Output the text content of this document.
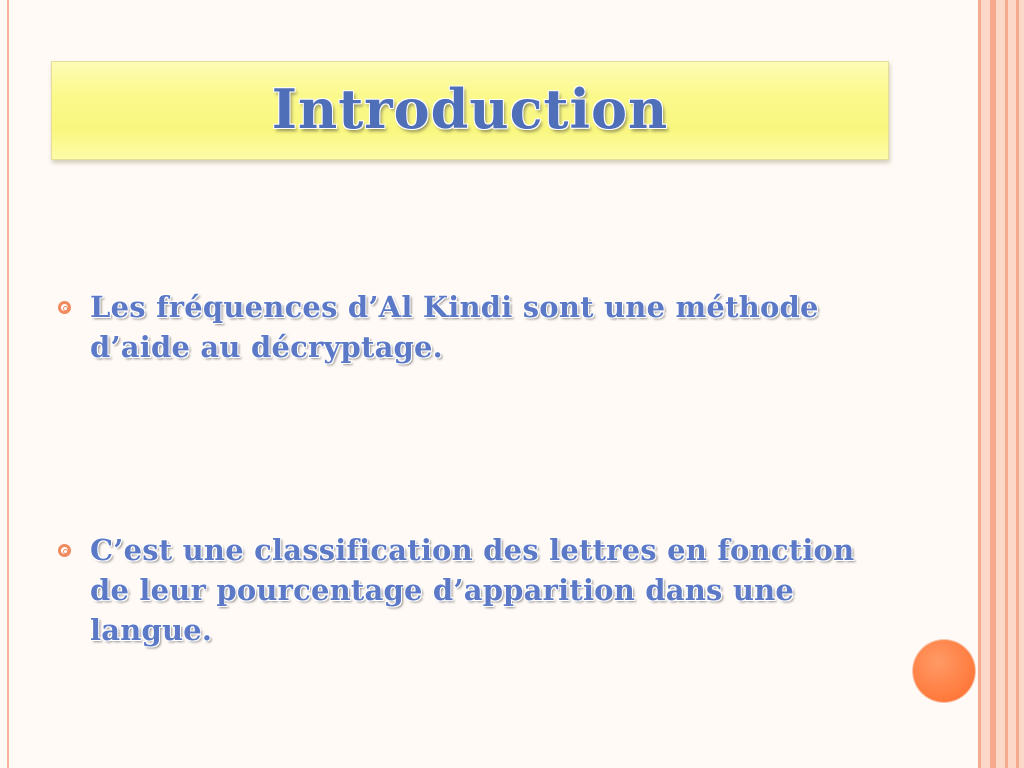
Introduction
Les fréquences d’Al Kindi sont une méthode d’aide au décryptage.
C’est une classification des lettres en fonction de leur pourcentage d’apparition dans une langue.
